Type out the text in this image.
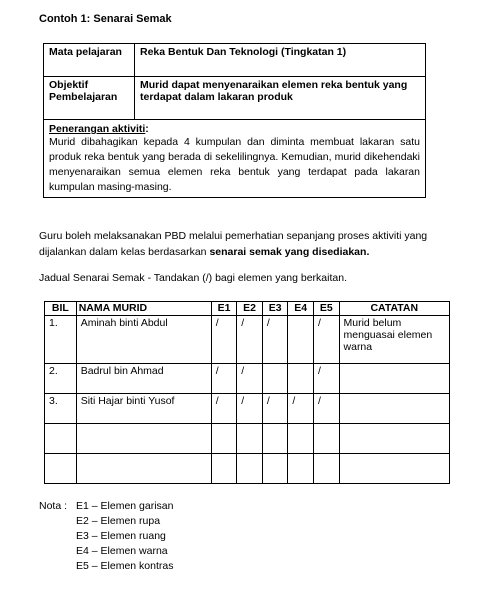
Contoh 1: Senarai Semak
Mata pelajaran	Reka Bentuk Dan Teknologi (Tingkatan 1)
Objektif Pembelajaran
Murid dapat menyenaraikan elemen reka bentuk yang terdapat dalam lakaran produk
Penerangan aktiviti:
Murid dibahagikan kepada 4 kumpulan dan diminta membuat lakaran satu produk reka bentuk yang berada di sekelilingnya. Kemudian, murid dikehendaki menyenaraikan semua elemen reka bentuk yang terdapat pada lakaran kumpulan masing-masing.
Guru boleh melaksanakan PBD melalui pemerhatian sepanjang proses aktiviti yang dijalankan dalam kelas berdasarkan senarai semak yang disediakan.
Jadual Senarai Semak - Tandakan (/) bagi elemen yang berkaitan.
BIL	NAMA MURID	E1	E2	E3	E4	E5	CATATAN
1.	Aminah binti Abdul	/	/	/		/	Murid belum menguasai elemen warna
2.	Badrul bin Ahmad	/	/			/	
3.	Siti Hajar binti Yusof	/	/	/	/	/	

Nota : E1 – Elemen garisan
E2 – Elemen rupa
E3 – Elemen ruang
E4 – Elemen warna
E5 – Elemen kontras
